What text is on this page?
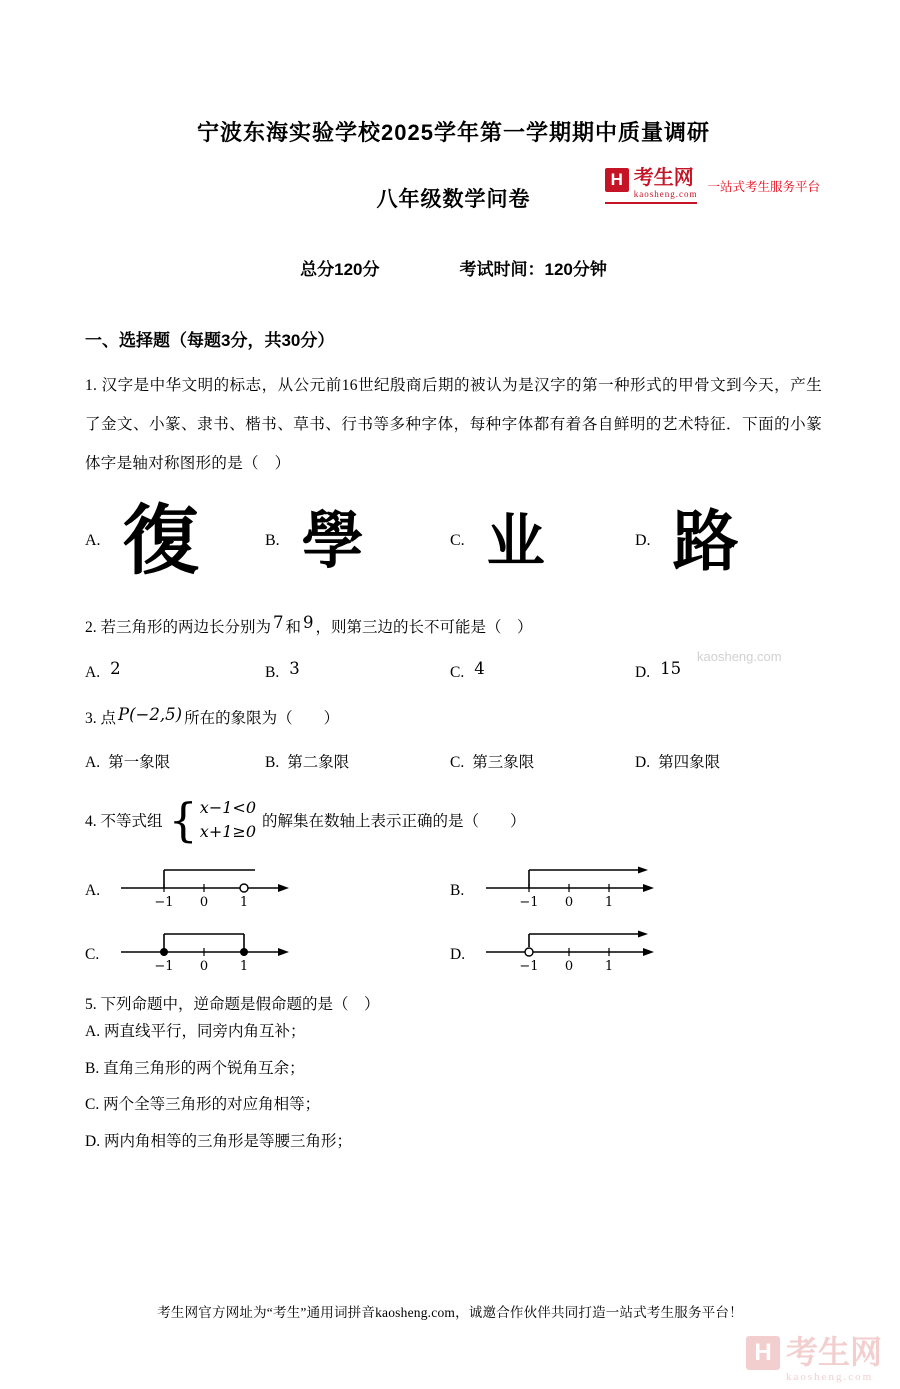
H 考生网
kaosheng.com 一站式考生服务平台
宁波东海实验学校2025学年第一学期期中质量调研
八年级数学问卷
总分120分	考试时间：120分钟
一、选择题（每题3分，共30分）

1. 汉字是中华文明的标志，从公元前16世纪殷商后期的被认为是汉字的第一种形式的甲骨文到今天，产生了金文、小篆、隶书、楷书、草书、行书等多种字体，每种字体都有着各自鲜明的艺术特征．下面的小篆体字是轴对称图形的是（　）

A. 復	B. 學	C. 业	D. 路
2. 若三角形的两边长分别为 7 和 9 ，则第三边的长不可能是（　）
A. 2	B. 3	C. 4	D. 15
3. 点 P(−2,5) 所在的象限为（　　）
A. 第一象限	B. 第二象限	C. 第三象限	D. 第四象限
4. 不等式组 { x−1<0
x+1≥0
的解集在数轴上表示正确的是（　　）
A.
−1 0 1
B.
−1 0 1
C.
−1 0 1
D.
−1 0 1
5. 下列命题中，逆命题是假命题的是（　）
A. 两直线平行，同旁内角互补；
B. 直角三角形的两个锐角互余；
C. 两个全等三角形的对应角相等；
D. 两内角相等的三角形是等腰三角形；
kaosheng.com
考生网官方网址为“考生”通用词拼音kaosheng.com，诚邀合作伙伴共同打造一站式考生服务平台！
H 考生网
kaosheng.com
